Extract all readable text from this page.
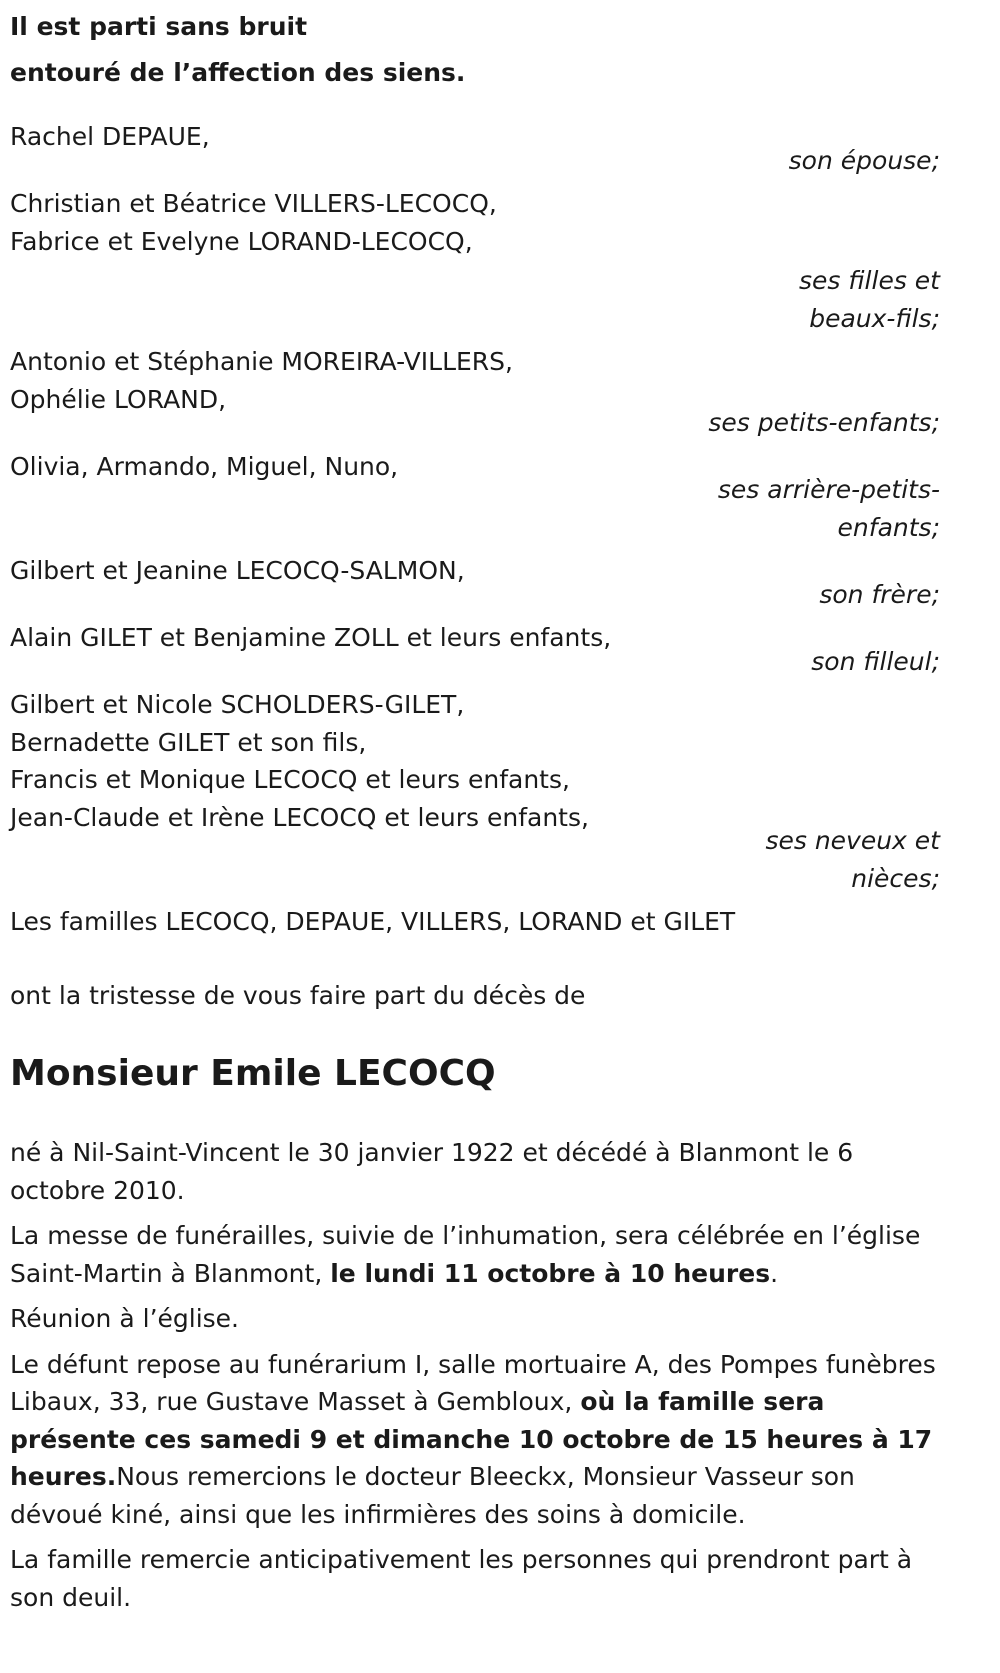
Il est parti sans bruit
entouré de l’affection des siens.
Rachel DEPAUE,
son épouse;
Christian et Béatrice VILLERS-LECOCQ,
Fabrice et Evelyne LORAND-LECOCQ,
ses filles et
beaux-fils;
Antonio et Stéphanie MOREIRA-VILLERS,
Ophélie LORAND,
ses petits-enfants;
Olivia, Armando, Miguel, Nuno,
ses arrière-petits-
enfants;
Gilbert et Jeanine LECOCQ-SALMON,
son frère;
Alain GILET et Benjamine ZOLL et leurs enfants,
son filleul;
Gilbert et Nicole SCHOLDERS-GILET,
Bernadette GILET et son fils,
Francis et Monique LECOCQ et leurs enfants,
Jean-Claude et Irène LECOCQ et leurs enfants,
ses neveux et
nièces;
Les familles LECOCQ, DEPAUE, VILLERS, LORAND et GILET
ont la tristesse de vous faire part du décès de
Monsieur Emile LECOCQ
né à Nil-Saint-Vincent le 30 janvier 1922 et décédé à Blanmont le 6 octobre 2010.
La messe de funérailles, suivie de l’inhumation, sera célébrée en l’église Saint-Martin à Blanmont, le lundi 11 octobre à 10 heures.
Réunion à l’église.
Le défunt repose au funérarium I, salle mortuaire A, des Pompes funèbres Libaux, 33, rue Gustave Masset à Gembloux, où la famille sera présente ces samedi 9 et dimanche 10 octobre de 15 heures à 17 heures.Nous remercions le docteur Bleeckx, Monsieur Vasseur son dévoué kiné, ainsi que les infirmières des soins à domicile.
La famille remercie anticipativement les personnes qui prendront part à son deuil.
